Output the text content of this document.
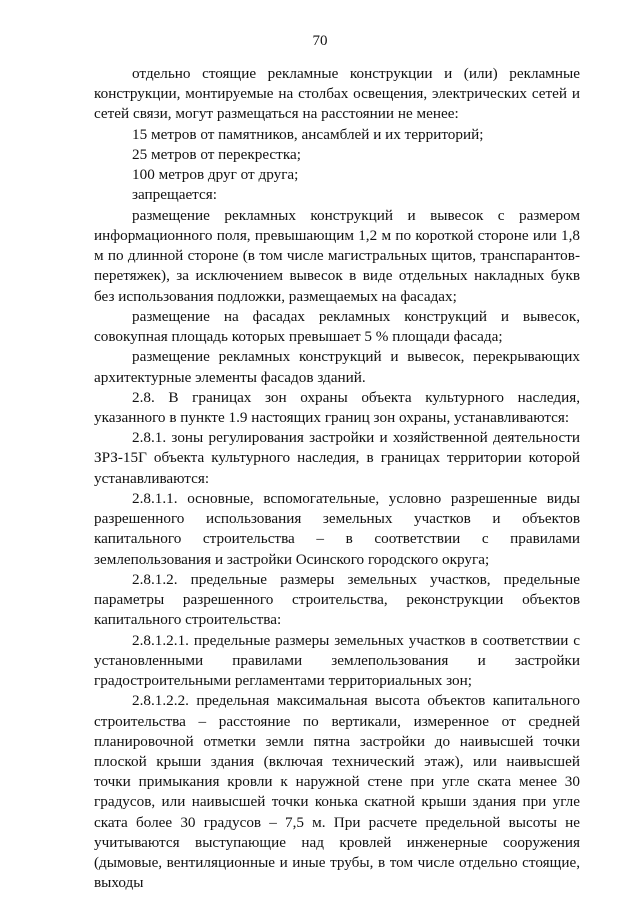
70

отдельно стоящие рекламные конструкции и (или) рекламные конструкции, монтируемые на столбах освещения, электрических сетей и сетей связи, могут размещаться на расстоянии не менее:

15 метров от памятников, ансамблей и их территорий;

25 метров от перекрестка;

100 метров друг от друга;

запрещается:

размещение рекламных конструкций и вывесок с размером информационного поля, превышающим 1,2 м по короткой стороне или 1,8 м по длинной стороне (в том числе магистральных щитов, транспарантов-перетяжек), за исключением вывесок в виде отдельных накладных букв без использования подложки, размещаемых на фасадах;

размещение на фасадах рекламных конструкций и вывесок, совокупная площадь которых превышает 5 % площади фасада;

размещение рекламных конструкций и вывесок, перекрывающих архитектурные элементы фасадов зданий.

2.8. В границах зон охраны объекта культурного наследия, указанного в пункте 1.9 настоящих границ зон охраны, устанавливаются:

2.8.1. зоны регулирования застройки и хозяйственной деятельности ЗРЗ-15Г объекта культурного наследия, в границах территории которой устанавливаются:

2.8.1.1. основные, вспомогательные, условно разрешенные виды разрешенного использования земельных участков и объектов капитального строительства – в соответствии с правилами землепользования и застройки Осинского городского округа;

2.8.1.2. предельные размеры земельных участков, предельные параметры разрешенного строительства, реконструкции объектов капитального строительства:

2.8.1.2.1. предельные размеры земельных участков в соответствии с установленными правилами землепользования и застройки градостроительными регламентами территориальных зон;

2.8.1.2.2. предельная максимальная высота объектов капитального строительства – расстояние по вертикали, измеренное от средней планировочной отметки земли пятна застройки до наивысшей точки плоской крыши здания (включая технический этаж), или наивысшей точки примыкания кровли к наружной стене при угле ската менее 30 градусов, или наивысшей точки конька скатной крыши здания при угле ската более 30 градусов – 7,5 м. При расчете предельной высоты не учитываются выступающие над кровлей инженерные сооружения (дымовые, вентиляционные и иные трубы, в том числе отдельно стоящие, выходы
